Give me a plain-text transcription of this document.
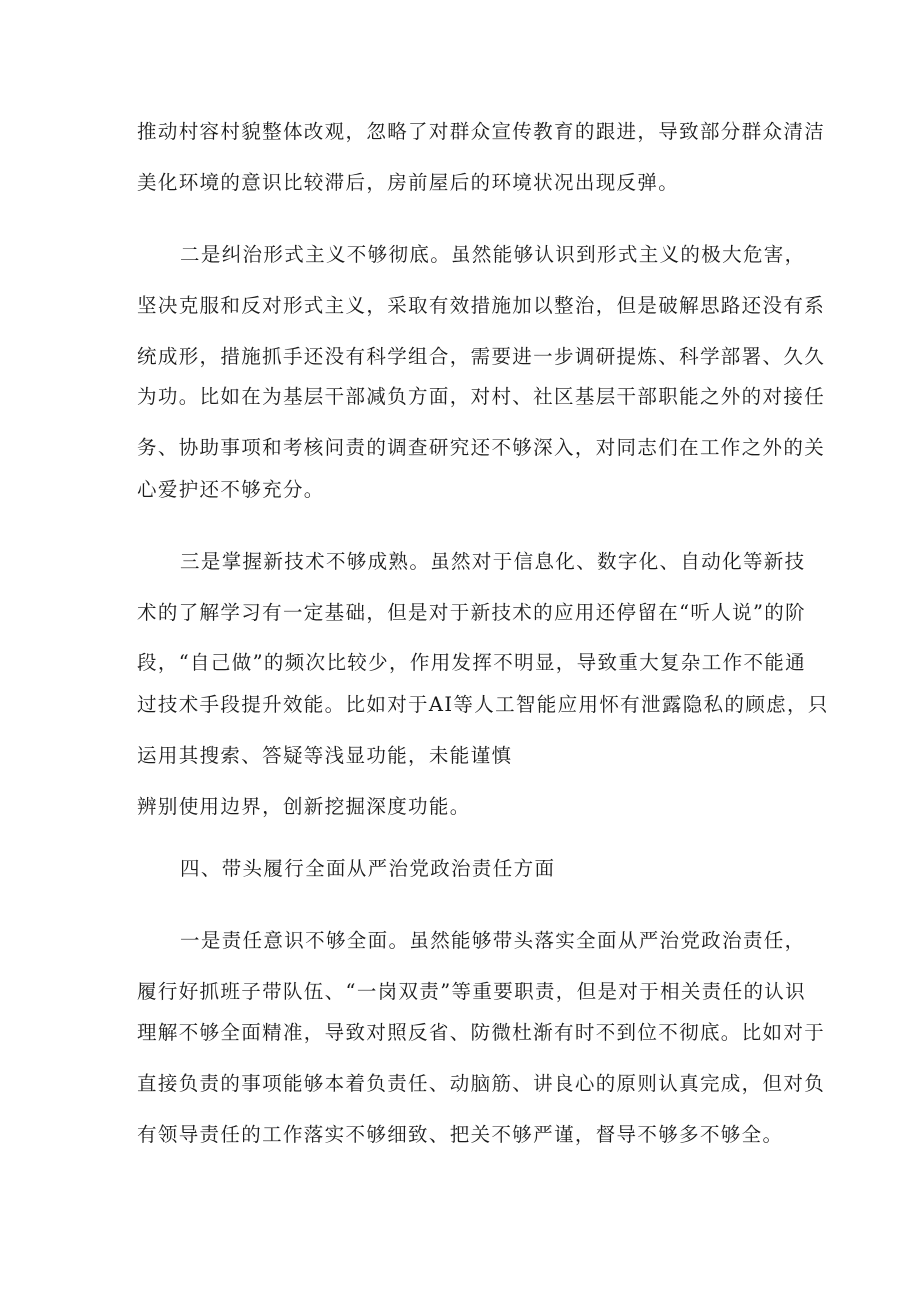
推动村容村貌整体改观，忽略了对群众宣传教育的跟进，导致部分群众清洁
美化环境的意识比较滞后，房前屋后的环境状况出现反弹。
二是纠治形式主义不够彻底。虽然能够认识到形式主义的极大危害，
坚决克服和反对形式主义，采取有效措施加以整治，但是破解思路还没有系
统成形，措施抓手还没有科学组合，需要进一步调研提炼、科学部署、久久
为功。比如在为基层干部减负方面，对村、社区基层干部职能之外的对接任
务、协助事项和考核问责的调查研究还不够深入，对同志们在工作之外的关
心爱护还不够充分。
三是掌握新技术不够成熟。虽然对于信息化、数字化、自动化等新技
术的了解学习有一定基础，但是对于新技术的应用还停留在“听人说”的阶
段，“自己做”的频次比较少，作用发挥不明显，导致重大复杂工作不能通
过技术手段提升效能。比如对于AI等人工智能应用怀有泄露隐私的顾虑，只
运用其搜索、答疑等浅显功能，未能谨慎
辨别使用边界，创新挖掘深度功能。
四、带头履行全面从严治党政治责任方面
一是责任意识不够全面。虽然能够带头落实全面从严治党政治责任，
履行好抓班子带队伍、“一岗双责”等重要职责，但是对于相关责任的认识
理解不够全面精准，导致对照反省、防微杜渐有时不到位不彻底。比如对于
直接负责的事项能够本着负责任、动脑筋、讲良心的原则认真完成，但对负
有领导责任的工作落实不够细致、把关不够严谨，督导不够多不够全。
